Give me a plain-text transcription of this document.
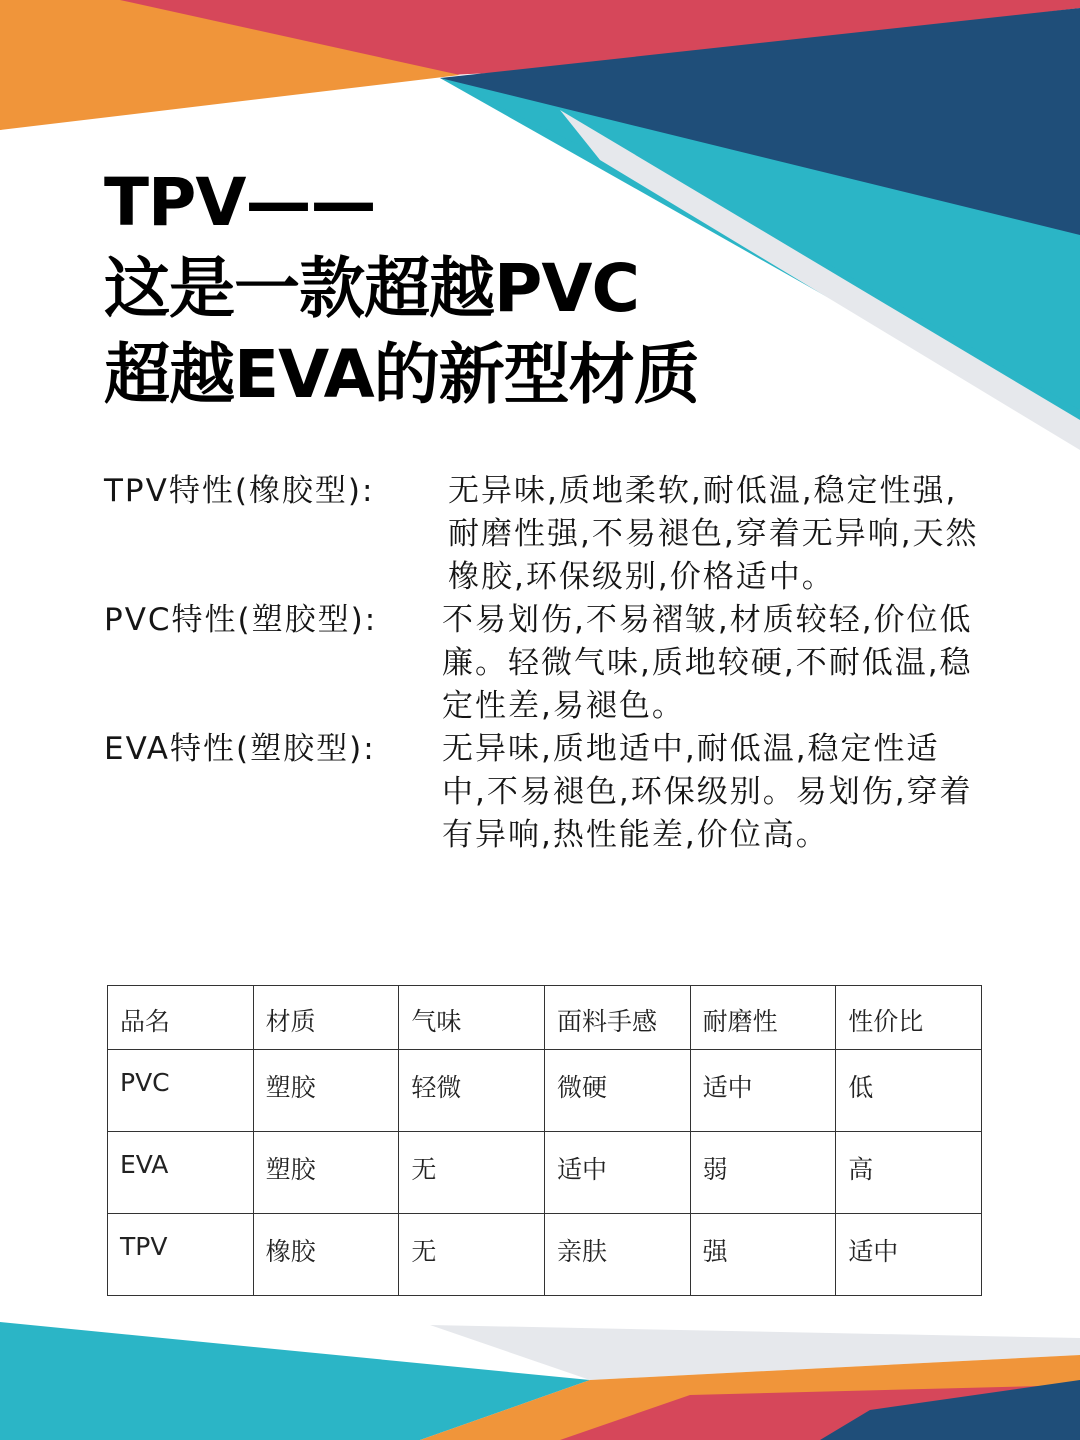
TPV——
这是一款超越PVC
超越EVA的新型材质
TPV特性(橡胶型):	无异味,质地柔软,耐低温,稳定性强,耐磨性强,不易褪色,穿着无异响,天然橡胶,环保级别,价格适中。
PVC特性(塑胶型):	不易划伤,不易褶皱,材质较轻,价位低廉。轻微气味,质地较硬,不耐低温,稳定性差,易褪色。
EVA特性(塑胶型):	无异味,质地适中,耐低温,稳定性适中,不易褪色,环保级别。易划伤,穿着有异响,热性能差,价位高。
品名	材质	气味	面料手感	耐磨性	性价比
PVC	塑胶	轻微	微硬	适中	低
EVA	塑胶	无	适中	弱	高
TPV	橡胶	无	亲肤	强	适中
